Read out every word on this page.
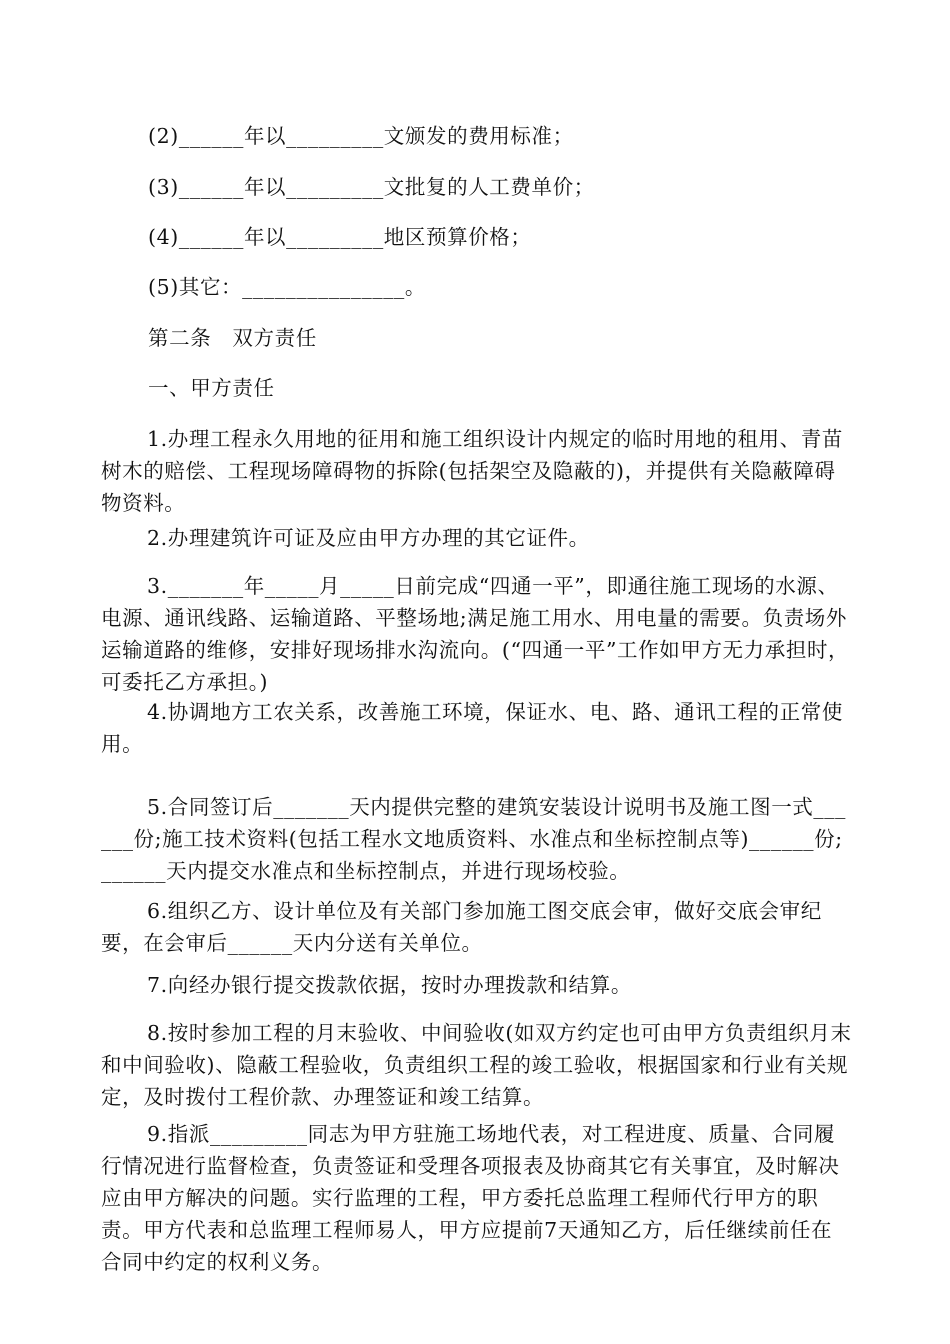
(2)______年以_________文颁发的费用标准；

(3)______年以_________文批复的人工费单价；

(4)______年以_________地区预算价格；

(5)其它：_______________。

第二条　双方责任

一、甲方责任

1.办理工程永久用地的征用和施工组织设计内规定的临时用地的租用、青苗树木的赔偿、工程现场障碍物的拆除(包括架空及隐蔽的)，并提供有关隐蔽障碍物资料。

2.办理建筑许可证及应由甲方办理的其它证件。

3._______年_____月_____日前完成“四通一平”，即通往施工现场的水源、电源、通讯线路、运输道路、平整场地;满足施工用水、用电量的需要。负责场外运输道路的维修，安排好现场排水沟流向。(“四通一平”工作如甲方无力承担时，可委托乙方承担。)

4.协调地方工农关系，改善施工环境，保证水、电、路、通讯工程的正常使用。

5.合同签订后_______天内提供完整的建筑安装设计说明书及施工图一式______份;施工技术资料(包括工程水文地质资料、水准点和坐标控制点等)______份;______天内提交水准点和坐标控制点，并进行现场校验。

6.组织乙方、设计单位及有关部门参加施工图交底会审，做好交底会审纪要，在会审后______天内分送有关单位。

7.向经办银行提交拨款依据，按时办理拨款和结算。

8.按时参加工程的月末验收、中间验收(如双方约定也可由甲方负责组织月末和中间验收)、隐蔽工程验收，负责组织工程的竣工验收，根据国家和行业有关规定，及时拨付工程价款、办理签证和竣工结算。

9.指派_________同志为甲方驻施工场地代表，对工程进度、质量、合同履行情况进行监督检查，负责签证和受理各项报表及协商其它有关事宜，及时解决应由甲方解决的问题。实行监理的工程，甲方委托总监理工程师代行甲方的职责。甲方代表和总监理工程师易人，甲方应提前7天通知乙方，后任继续前任在合同中约定的权利义务。
